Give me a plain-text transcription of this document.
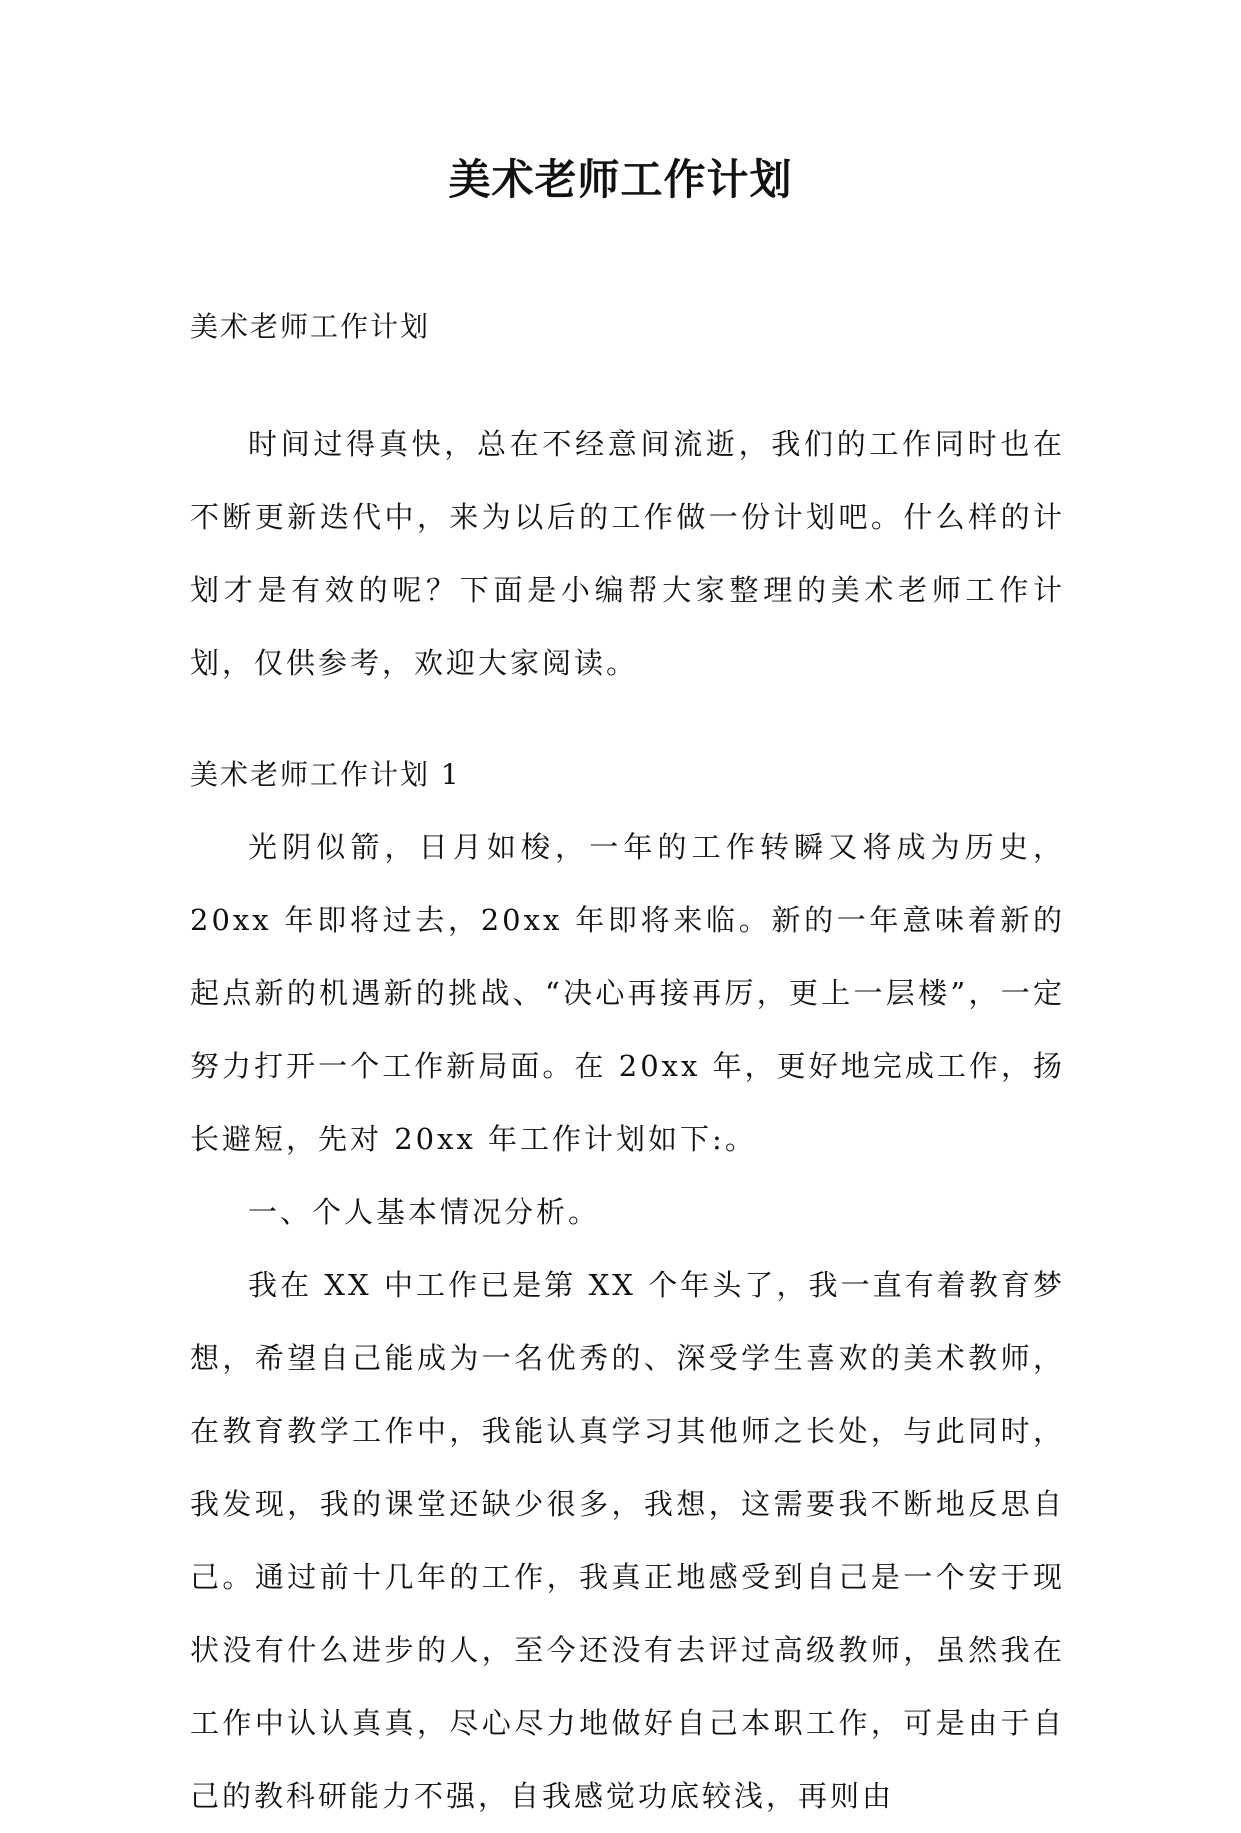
美术老师工作计划

美术老师工作计划

时间过得真快，总在不经意间流逝，我们的工作同时也在不断更新迭代中，来为以后的工作做一份计划吧。什么样的计划才是有效的呢？下面是小编帮大家整理的美术老师工作计划，仅供参考，欢迎大家阅读。

美术老师工作计划 1

光阴似箭，日月如梭，一年的工作转瞬又将成为历史，20xx 年即将过去，20xx 年即将来临。新的一年意味着新的起点新的机遇新的挑战、“决心再接再厉，更上一层楼”，一定努力打开一个工作新局面。在 20xx 年，更好地完成工作，扬长避短，先对 20xx 年工作计划如下:。

一、个人基本情况分析。

我在 XX 中工作已是第 XX 个年头了，我一直有着教育梦想，希望自己能成为一名优秀的、深受学生喜欢的美术教师，在教育教学工作中，我能认真学习其他师之长处，与此同时，我发现，我的课堂还缺少很多，我想，这需要我不断地反思自己。通过前十几年的工作，我真正地感受到自己是一个安于现状没有什么进步的人，至今还没有去评过高级教师，虽然我在工作中认认真真，尽心尽力地做好自己本职工作，可是由于自己的教科研能力不强，自我感觉功底较浅，再则由
